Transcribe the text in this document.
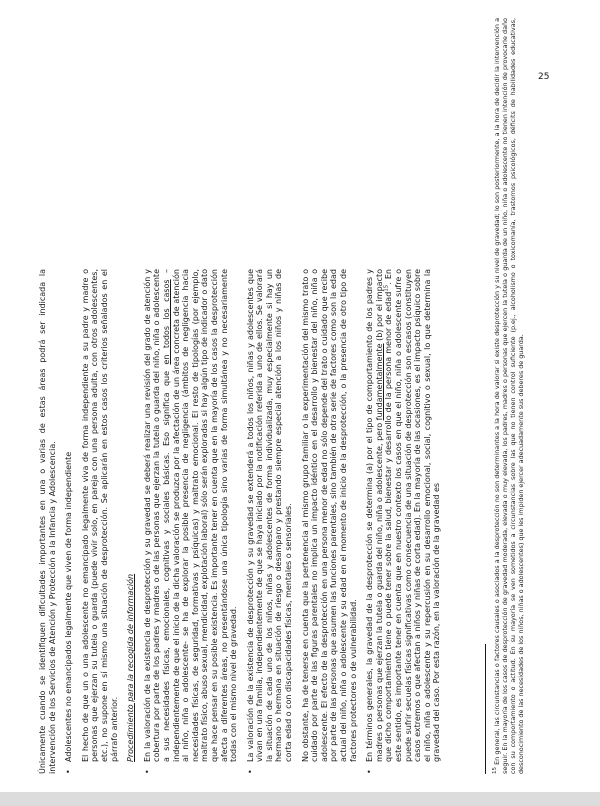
Únicamente cuando se identifiquen dificultades importantes en una o varias de estas áreas podrá ser indicada la intervención de los Servicios de Atención y Protección a la Infancia y Adolescencia. •
Adolescentes no emancipados legalmente que viven de forma independiente El hecho de que un o una adolescente no emancipado legalmente viva de forma independiente a su padre y madre o personas que ejerzan su tutela o guarda (puede vivir solo, en pareja con una persona adulta, con otros adolescentes, etc.), no supone en sí mismo una situación de desprotección. Se aplicarán en estos casos los criterios señalados en el párrafo anterior. Procedimiento para la recogida de información

•

En la valoración de la existencia de desprotección y su gravedad se deberá realizar una revisión del grado de atención y cobertura por parte de los padres y madres o de las personas que ejerzan la tutela o guarda del niño, niña o adolescente a sus necesidades físicas, emocionales, cognitivas y sociales básicas. Eso significa que en todos los casos – independientemente de que el inicio de la dicha valoración se produzca por la afectación de un área concreta de atención al niño, niña o adolescente- se ha de explorar la posible presencia de negligencia (ámbitos de negligencia hacia necesidades físicas, de seguridad, formativas y psíquicas) y maltrato emocional. El resto de tipologías (por ejemplo, maltrato físico, abuso sexual, mendicidad, explotación laboral) sólo serán exploradas si hay algún tipo de indicador o dato que hace pensar en su posible existencia. Es importante tener en cuenta que en la mayoría de los casos la desprotección afecta a diferentes áreas, no presentándose una única tipología sino varias de forma simultánea y no necesariamente todas con el mismo nivel de gravedad.

•

La valoración de la existencia de desprotección y su gravedad se extenderá a todos los niños, niñas y adolescentes que vivan en una familia, independientemente de que se haya iniciado por la notificación referida a uno de ellos. Se valorará la situación de cada uno de los niños, niñas y adolescentes de forma individualizada, muy especialmente si hay un hermano o hermana en situación de riesgo o desamparo y prestando siempre especial atención a los niños y niñas de corta edad o con discapacidades físicas, mentales o sensoriales. No obstante, ha de tenerse en cuenta que la pertenencia al mismo grupo familiar o la experimentación del mismo trato o cuidado por parte de las figuras parentales no implica un impacto idéntico en el desarrollo y bienestar del niño, niña o adolescente. El efecto de la desprotección en una persona menor de edad no sólo depende del trato o cuidado que recibe por parte de las personas que asumen las funciones parentales, sino también de otra serie de factores como son la edad actual del niño, niña o adolescente y su edad en el momento de inicio de la desprotección, o la presencia de otro tipo de factores protectores o de vulnerabilidad.

•

En términos generales, la gravedad de la desprotección se determina (a) por el tipo de comportamiento de los padres y madres o personas que ejerzan la tutela o guarda del niño, niña o adolescente, pero fundamentalmente (b) por el impacto que dicho comportamiento tiene o puede tener sobre la salud, bienestar y desarrollo de la persona menor de edad$^{15}$. En este sentido, es importante tener en cuenta que en nuestro contexto los casos en que el niño, niña o adolescente sufre o puede sufrir secuelas físicas significativas como consecuencia de una situación de desprotección son escasos (constituyen casos extremos o que afectan a niños y niñas de corta edad). En la mayoría de las ocasiones, es el impacto psíquico sobre el niño, niña o adolescente y su repercusión en su desarrollo emocional, social, cognitivo o sexual, lo que determina la gravedad del caso. Por esta razón, en la valoración de la gravedad es

$^{15}$ En general, las circunstancias o factores causales o asociados a la desprotección no son determinantes a la hora de valorar si existe desprotección y su nivel de gravedad; lo son posteriormente, a la hora de decidir la intervención a seguir. En la mayoría de los casos de desprotección de gravedad moderada, elevada o muy elevada, los padres, madres o personas que ejercen la tutela o guarda de un niño, niña o adolescente no tienen intención de provocarle daño con su comportamiento o actitud. En su mayoría se ven sometidos a circunstancias sobre las que no tienen control suficiente (p.ej., alcoholismo o toxicomanía, trastornos psicológicos, déficits de habilidades educativas, desconocimiento de las necesidades de los niños, niñas o adolescentes) que les impiden ejercer adecuadamente sus deberes de guarda.

25
